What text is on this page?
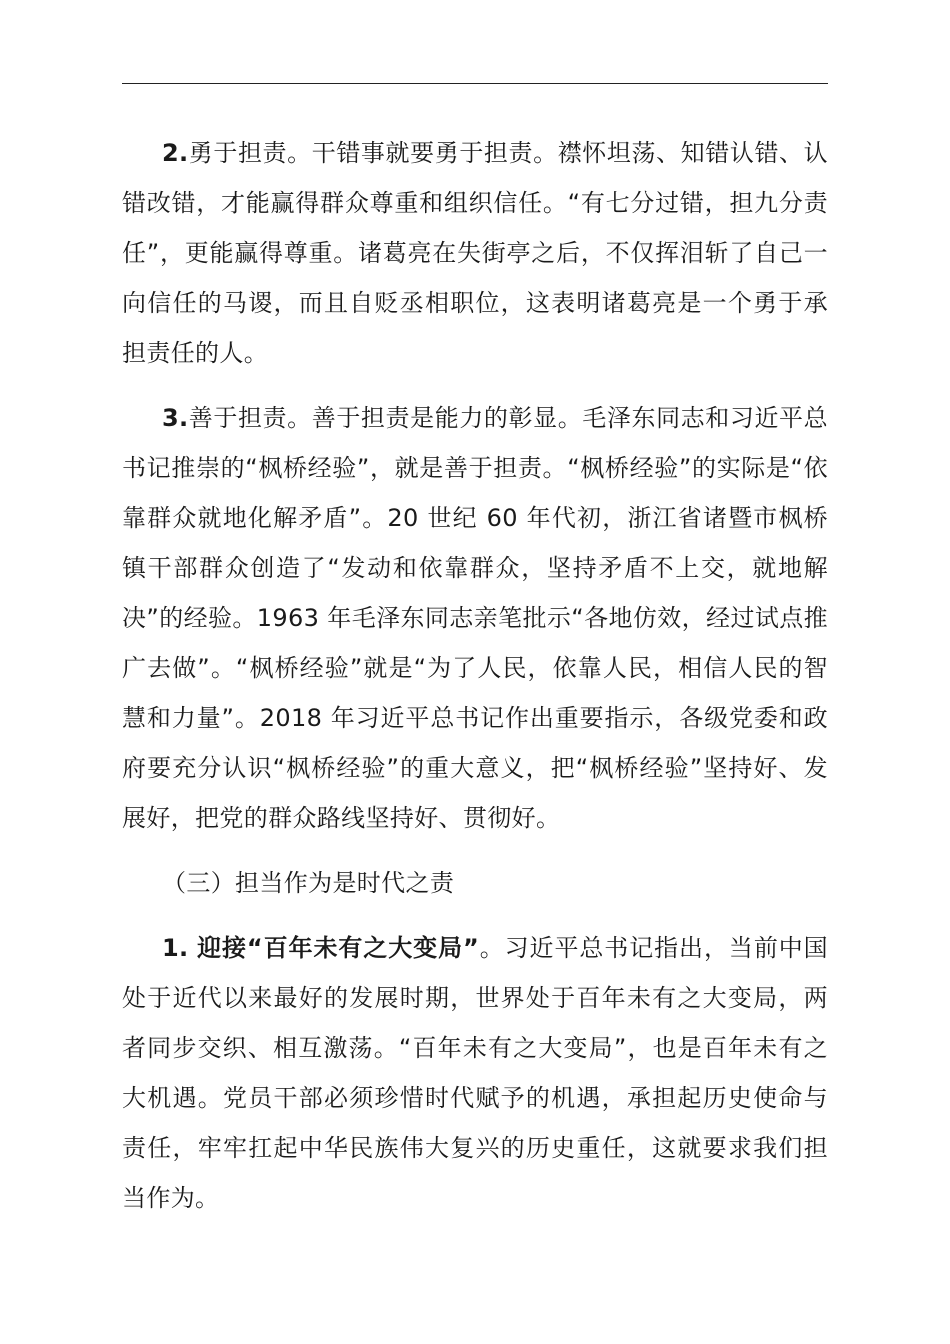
2.勇于担责。干错事就要勇于担责。襟怀坦荡、知错认错、认错改错，才能赢得群众尊重和组织信任。“有七分过错，担九分责任”，更能赢得尊重。诸葛亮在失街亭之后，不仅挥泪斩了自己一向信任的马谡，而且自贬丞相职位，这表明诸葛亮是一个勇于承担责任的人。

3.善于担责。善于担责是能力的彰显。毛泽东同志和习近平总书记推崇的“枫桥经验”，就是善于担责。“枫桥经验”的实际是“依靠群众就地化解矛盾”。20 世纪 60 年代初，浙江省诸暨市枫桥镇干部群众创造了“发动和依靠群众，坚持矛盾不上交，就地解决”的经验。1963 年毛泽东同志亲笔批示“各地仿效，经过试点推广去做”。“枫桥经验”就是“为了人民，依靠人民，相信人民的智慧和力量”。2018 年习近平总书记作出重要指示，各级党委和政府要充分认识“枫桥经验”的重大意义，把“枫桥经验”坚持好、发展好，把党的群众路线坚持好、贯彻好。

（三）担当作为是时代之责

1. 迎接“百年未有之大变局”。习近平总书记指出，当前中国处于近代以来最好的发展时期，世界处于百年未有之大变局，两者同步交织、相互激荡。“百年未有之大变局”，也是百年未有之大机遇。党员干部必须珍惜时代赋予的机遇，承担起历史使命与责任，牢牢扛起中华民族伟大复兴的历史重任，这就要求我们担当作为。
